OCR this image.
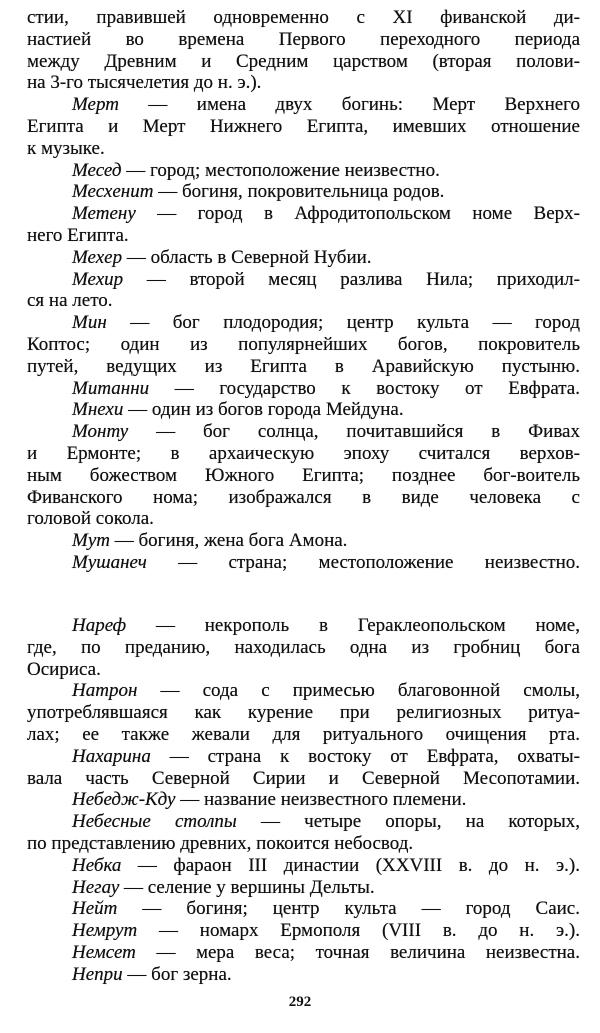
стии, правившей одновременно с XI фиванской ди-
настией во времена Первого переходного периода
между Древним и Средним царством (вторая полови-
на 3-го тысячелетия до н. э.).
Мерт — имена двух богинь: Мерт Верхнего
Египта и Мерт Нижнего Египта, имевших отношение
к музыке.
Месед — город; местоположение неизвестно.
Месхенит — богиня, покровительница родов.
Метену — город в Афродитопольском номе Верх-
него Египта.
Мехер — область в Северной Нубии.
Мехир — второй месяц разлива Нила; приходил-
ся на лето.
Мин — бог плодородия; центр культа — город
Коптос; один из популярнейших богов, покровитель
путей, ведущих из Египта в Аравийскую пустыню.
Митанни — государство к востоку от Евфрата.
Мнехи — один из богов города Мейдуна.
Монту — бог солнца, почитавшийся в Фивах
и Ермонте; в архаическую эпоху считался верхов-
ным божеством Южного Египта; позднее бог-воитель
Фиванского нома; изображался в виде человека с
головой сокола.
Мут — богиня, жена бога Амона.
Мушанеч — страна; местоположение неизвестно.
Нареф — некрополь в Гераклеопольском номе,
где, по преданию, находилась одна из гробниц бога
Осириса.
Натрон — сода с примесью благовонной смолы,
употреблявшаяся как курение при религиозных ритуа-
лах; ее также жевали для ритуального очищения рта.
Нахарина — страна к востоку от Евфрата, охваты-
вала часть Северной Сирии и Северной Месопотамии.
Небедж-Кду — название неизвестного племени.
Небесные столпы — четыре опоры, на которых,
по представлению древних, покоится небосвод.
Небка — фараон III династии (XXVIII в. до н. э.).
Негау — селение у вершины Дельты.
Нейт — богиня; центр культа — город Саис.
Немрут — номарх Ермополя (VIII в. до н. э.).
Немсет — мера веса; точная величина неизвестна.
Непри — бог зерна.
292
